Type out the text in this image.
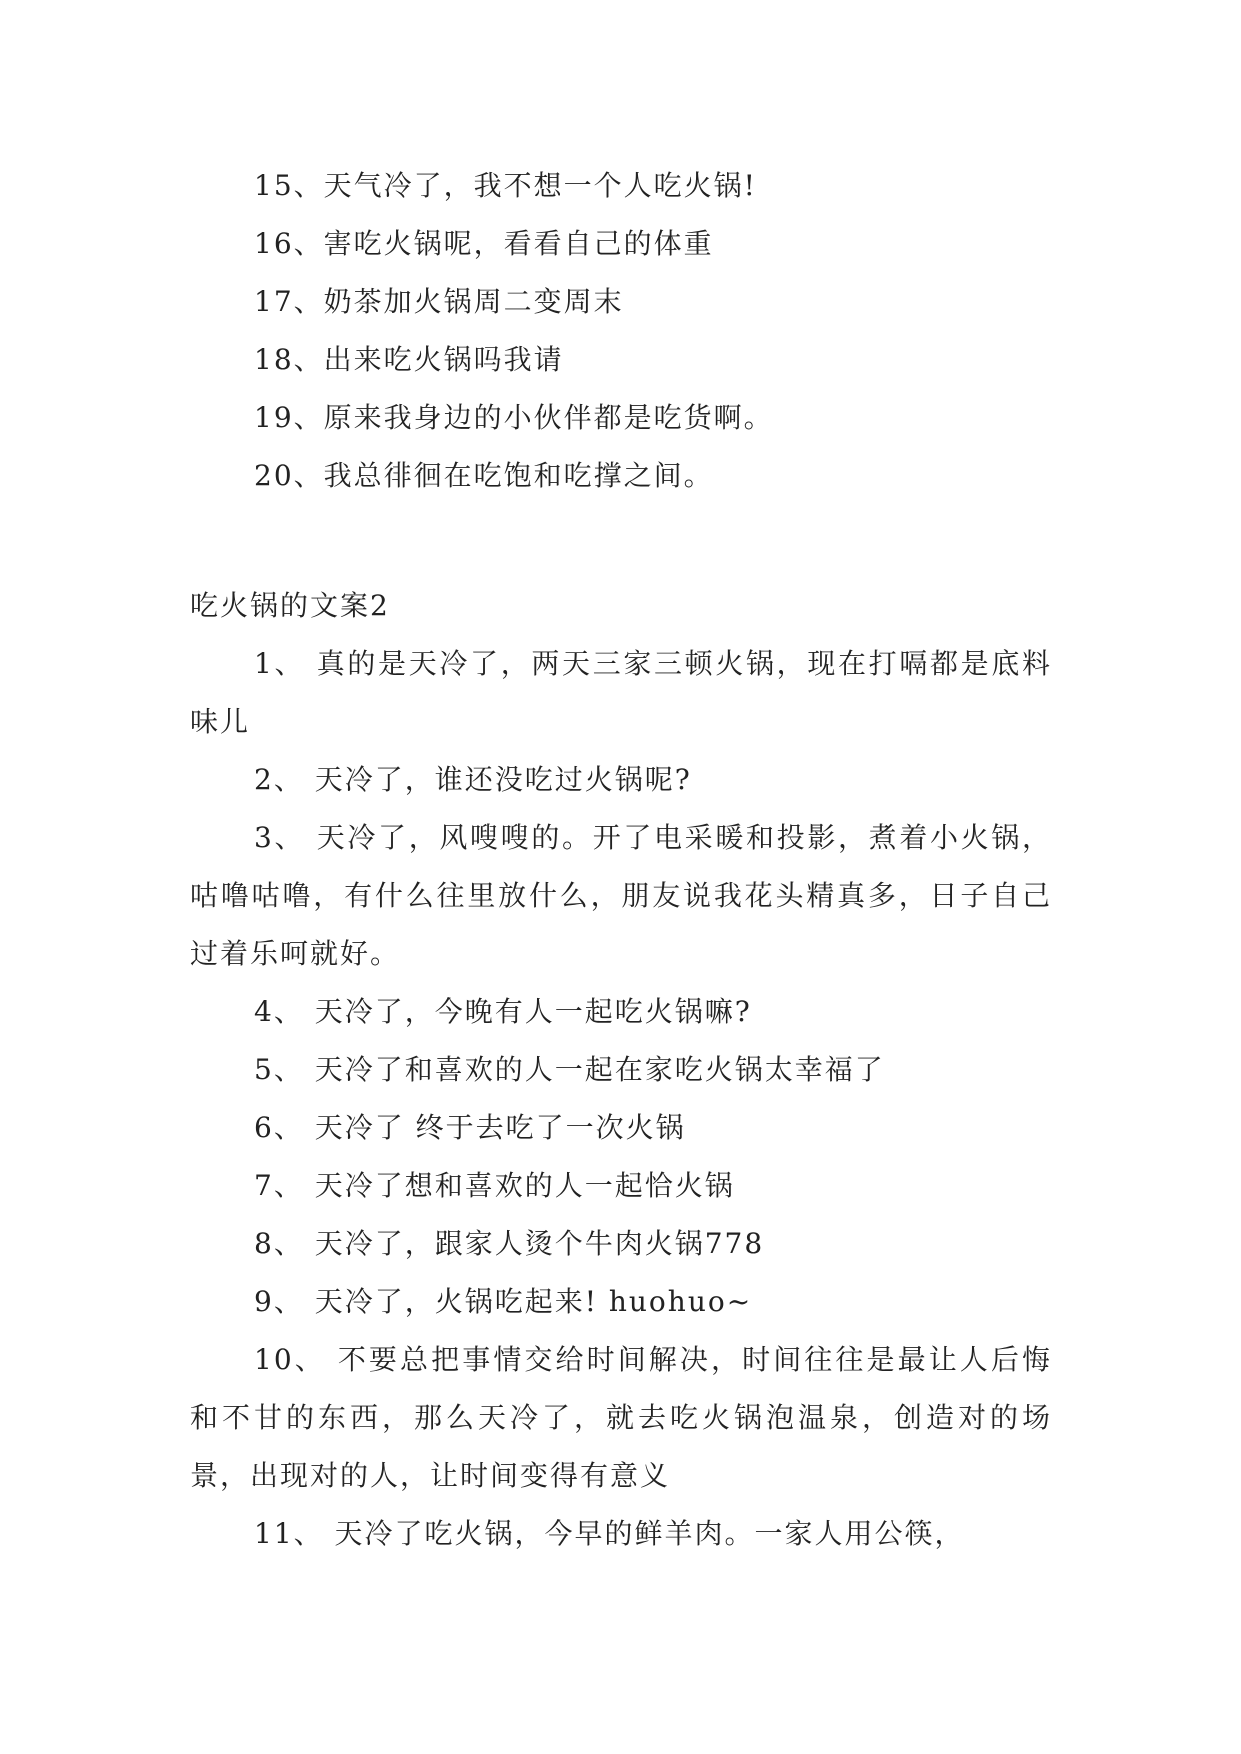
15、天气冷了，我不想一个人吃火锅!

16、害吃火锅呢，看看自己的体重

17、奶茶加火锅周二变周末

18、出来吃火锅吗我请

19、原来我身边的小伙伴都是吃货啊。

20、我总徘徊在吃饱和吃撑之间。

吃火锅的文案2

1、 真的是天冷了，两天三家三顿火锅，现在打嗝都是底料味儿

2、 天冷了，谁还没吃过火锅呢?

3、 天冷了，风嗖嗖的。开了电采暖和投影，煮着小火锅，咕噜咕噜，有什么往里放什么，朋友说我花头精真多，日子自己过着乐呵就好。

4、 天冷了，今晚有人一起吃火锅嘛?

5、 天冷了和喜欢的人一起在家吃火锅太幸福了

6、 天冷了 终于去吃了一次火锅

7、 天冷了想和喜欢的人一起恰火锅

8、 天冷了，跟家人烫个牛肉火锅778

9、 天冷了，火锅吃起来! huohuo~

10、 不要总把事情交给时间解决，时间往往是最让人后悔和不甘的东西，那么天冷了，就去吃火锅泡温泉，创造对的场景，出现对的人，让时间变得有意义

11、 天冷了吃火锅，今早的鲜羊肉。一家人用公筷，
